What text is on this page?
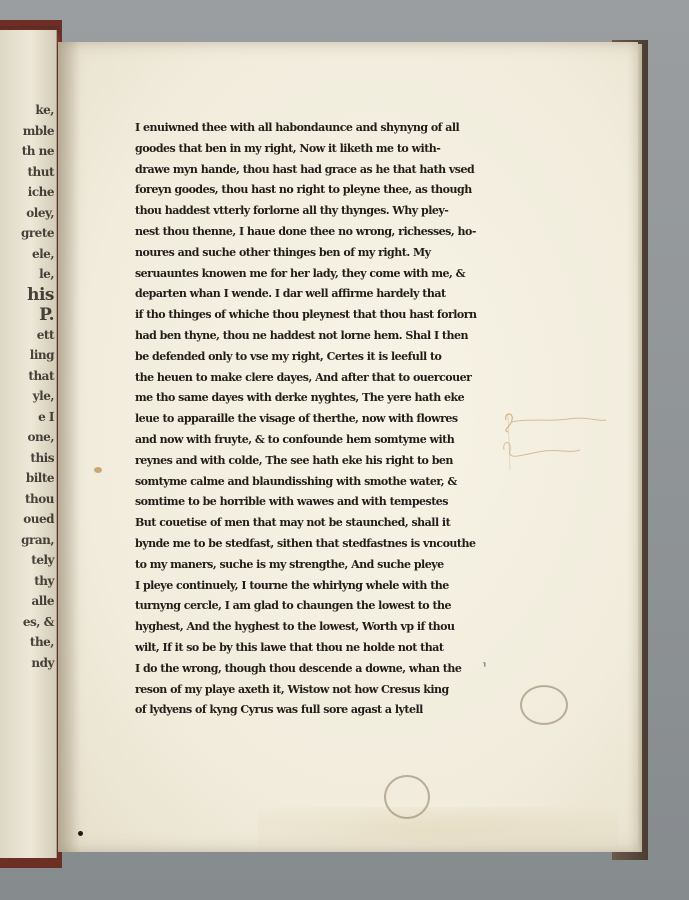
ke,
mble
th ne
thut
iche
oley,
grete
ele,
le,
his
P.
ett
ling
that
yle,
e I
one,
this
bilte
thou
oued
gran,
tely
thy
alle
es, &
the,
ndy
I enuiwned thee with all habondaunce and shynyng of all
goodes that ben in my right, Now it liketh me to with-
drawe myn hande, thou hast had grace as he that hath vsed
foreyn goodes, thou hast no right to pleyne thee, as though
thou haddest vtterly forlorne all thy thynges. Why pley-
nest thou thenne, I haue done thee no wrong, richesses, ho-
noures and suche other thinges ben of my right. My
seruauntes knowen me for her lady, they come with me, &
departen whan I wende. I dar well affirme hardely that
if tho thinges of whiche thou pleynest that thou hast forlorn
had ben thyne, thou ne haddest not lorne hem. Shal I then
be defended only to vse my right, Certes it is leefull to
the heuen to make clere dayes, And after that to ouercouer
me tho same dayes with derke nyghtes, The yere hath eke
leue to apparaille the visage of therthe, now with flowres
and now with fruyte, & to confounde hem somtyme with
reynes and with colde, The see hath eke his right to ben
somtyme calme and blaundisshing with smothe water, &
somtime to be horrible with wawes and with tempestes
But couetise of men that may not be staunched, shall it
bynde me to be stedfast, sithen that stedfastnes is vncouthe
to my maners, suche is my strengthe, And suche pleye
I pleye continuely, I tourne the whirlyng whele with the
turnyng cercle, I am glad to chaungen the lowest to the
hyghest, And the hyghest to the lowest, Worth vp if thou
wilt, If it so be by this lawe that thou ne holde not that
I do the wrong, though thou descende a downe, whan the
reson of my playe axeth it, Wistow not how Cresus king
of lydyens of kyng Cyrus was full sore agast a lytell
⸣
